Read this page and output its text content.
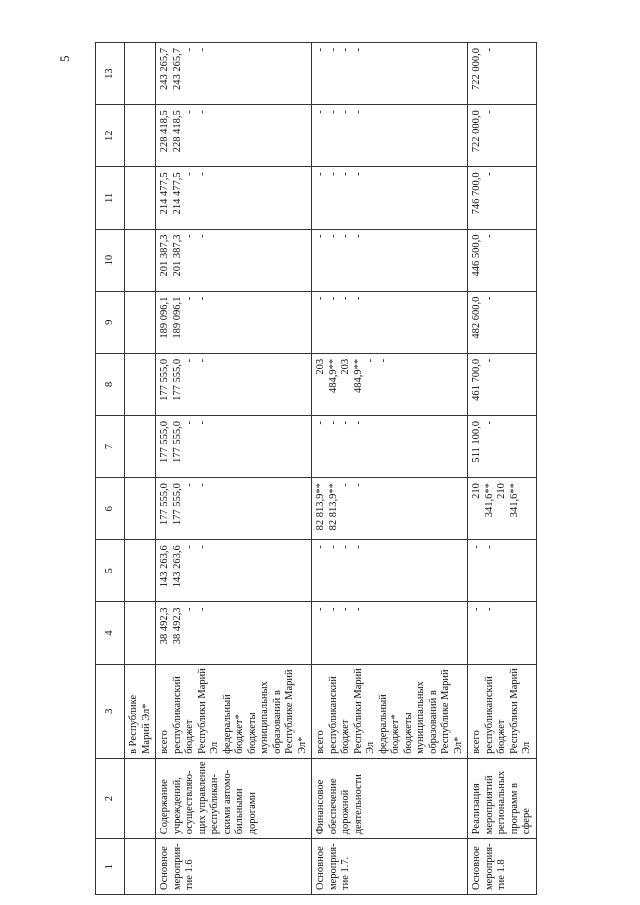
5
1	2	3	4	5	6	7	8	9	10	11	12	13
		в Республике Марий Эл*										
Основное мероприя-тие 1.6	Содержание учреждений, осуществляю-щих управление республикан-скими автомо-бильными дорогами	всего республиканский бюджет Республики Марий Эл федеральный бюджет* бюджеты муниципальных образований в Республике Марий Эл*	38 492,3 38 492,3 - -	143 263,6 143 263,6 - -	177 555,0 177 555,0 - -	177 555,0 177 555,0 - -	177 555,0 177 555,0 - -	189 096,1 189 096,1 - -	201 387,3 201 387,3 - -	214 477,5 214 477,5 - -	228 418,5 228 418,5 - -	243 265,7 243 265,7 - -

Основное мероприя-тие 1.7.	Финансовое обеспечение дорожной деятельности	всего республиканский бюджет Республики Марий Эл федеральный бюджет* бюджеты муниципальных образований в Республике Марий Эл*	- - - -	- - - -	82 813,9** 82 813,9** - -	- - - -	203 484,9** 203 484,9** - -	- - - -	- - - -	- - - -	- - - -	- - - -

Основное мероприя-тие 1.8	Реализация мероприятий региональных программ в сфере	всего республиканский бюджет Республики Марий Эл	- -	- -	210 341,6** 210 341,6**	511 100,0 -	461 700,0 -	482 600,0 -	446 500,0 -	746 700,0 -	722 000,0 -	722 000,0 -
